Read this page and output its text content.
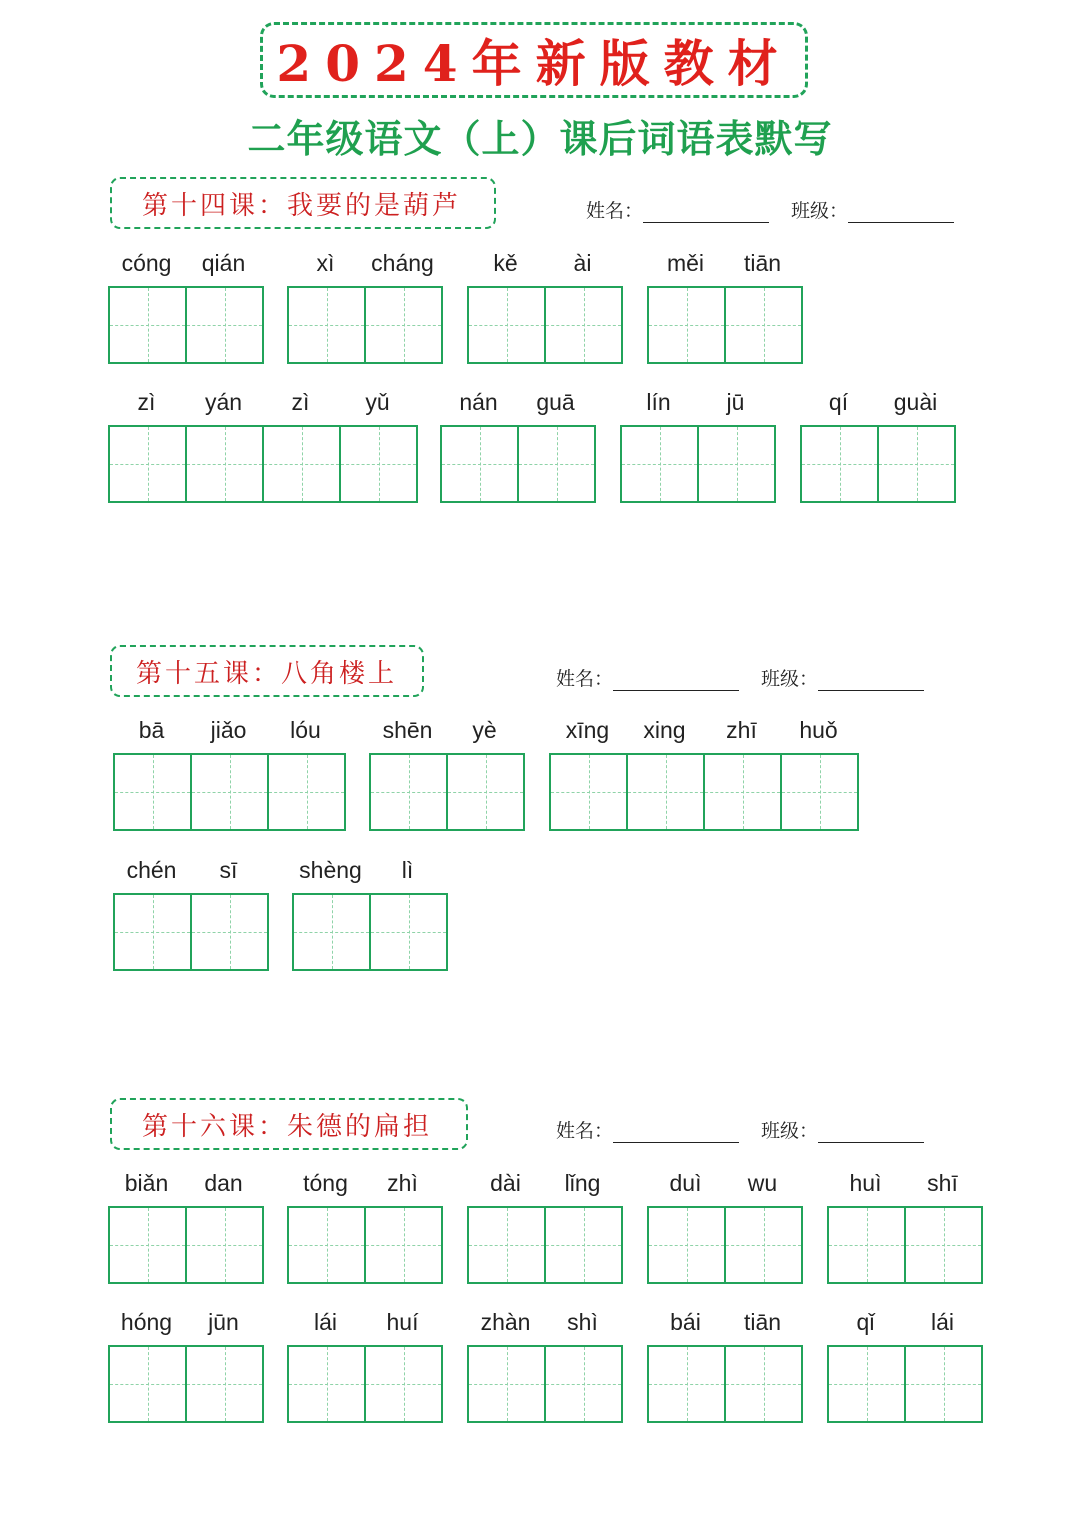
2024年新版教材
二年级语文（上）课后词语表默写
第十四课：我要的是葫芦	姓名：	班级：
cóng	qián	xì	cháng	kě	ài	měi	tiān
zì	yán	zì	yǔ	nán	guā	lín	jū	qí	guài
第十五课：八角楼上	姓名：	班级：
bā	jiǎo	lóu	shēn	yè	xīng	xing	zhī	huǒ
chén	sī	shèng	lì
第十六课：朱德的扁担	姓名：	班级：
biǎn	dan	tóng	zhì	dài	lǐng	duì	wu	huì	shī
hóng	jūn	lái	huí	zhàn	shì	bái	tiān	qǐ	lái
